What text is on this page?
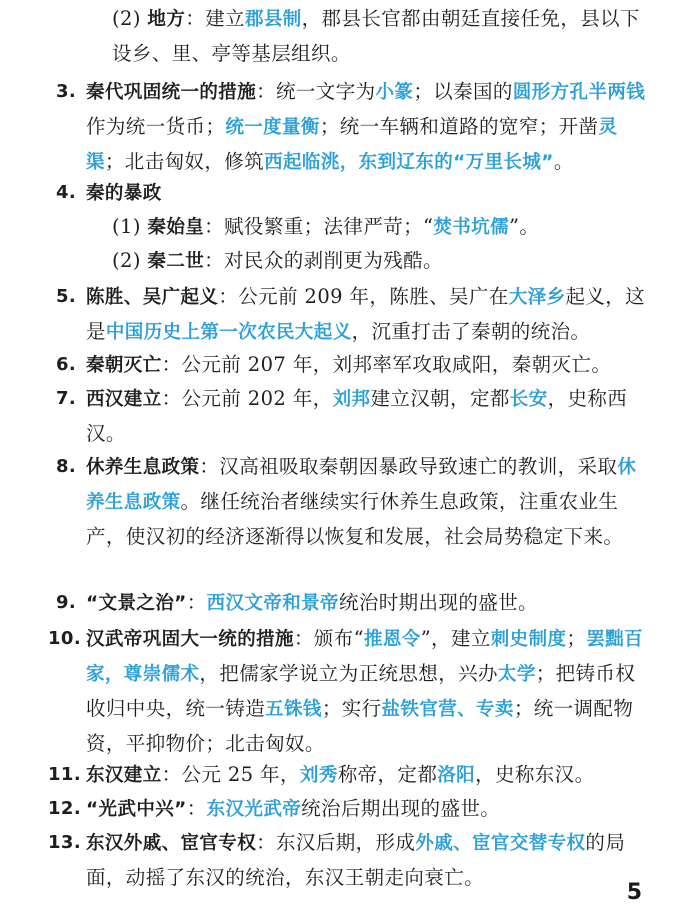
(2) 地方：建立郡县制，郡县长官都由朝廷直接任免，县以下设乡、里、亭等基层组织。
3. 秦代巩固统一的措施：统一文字为小篆；以秦国的圆形方孔半两钱作为统一货币；统一度量衡；统一车辆和道路的宽窄；开凿灵渠；北击匈奴，修筑西起临洮，东到辽东的“万里长城”。
4. 秦的暴政
(1) 秦始皇：赋役繁重；法律严苛；“焚书坑儒”。
(2) 秦二世：对民众的剥削更为残酷。
5. 陈胜、吴广起义：公元前 209 年，陈胜、吴广在大泽乡起义，这是中国历史上第一次农民大起义，沉重打击了秦朝的统治。
6. 秦朝灭亡：公元前 207 年，刘邦率军攻取咸阳，秦朝灭亡。
7. 西汉建立：公元前 202 年，刘邦建立汉朝，定都长安，史称西汉。
8. 休养生息政策：汉高祖吸取秦朝因暴政导致速亡的教训，采取休养生息政策。继任统治者继续实行休养生息政策，注重农业生产，使汉初的经济逐渐得以恢复和发展，社会局势稳定下来。
9. “文景之治”：西汉文帝和景帝统治时期出现的盛世。
10. 汉武帝巩固大一统的措施：颁布“推恩令”，建立刺史制度；罢黜百家，尊崇儒术，把儒家学说立为正统思想，兴办太学；把铸币权收归中央，统一铸造五铢钱；实行盐铁官营、专卖；统一调配物资，平抑物价；北击匈奴。
11. 东汉建立：公元 25 年，刘秀称帝，定都洛阳，史称东汉。
12. “光武中兴”：东汉光武帝统治后期出现的盛世。
13. 东汉外戚、宦官专权：东汉后期，形成外戚、宦官交替专权的局面，动摇了东汉的统治，东汉王朝走向衰亡。
5
